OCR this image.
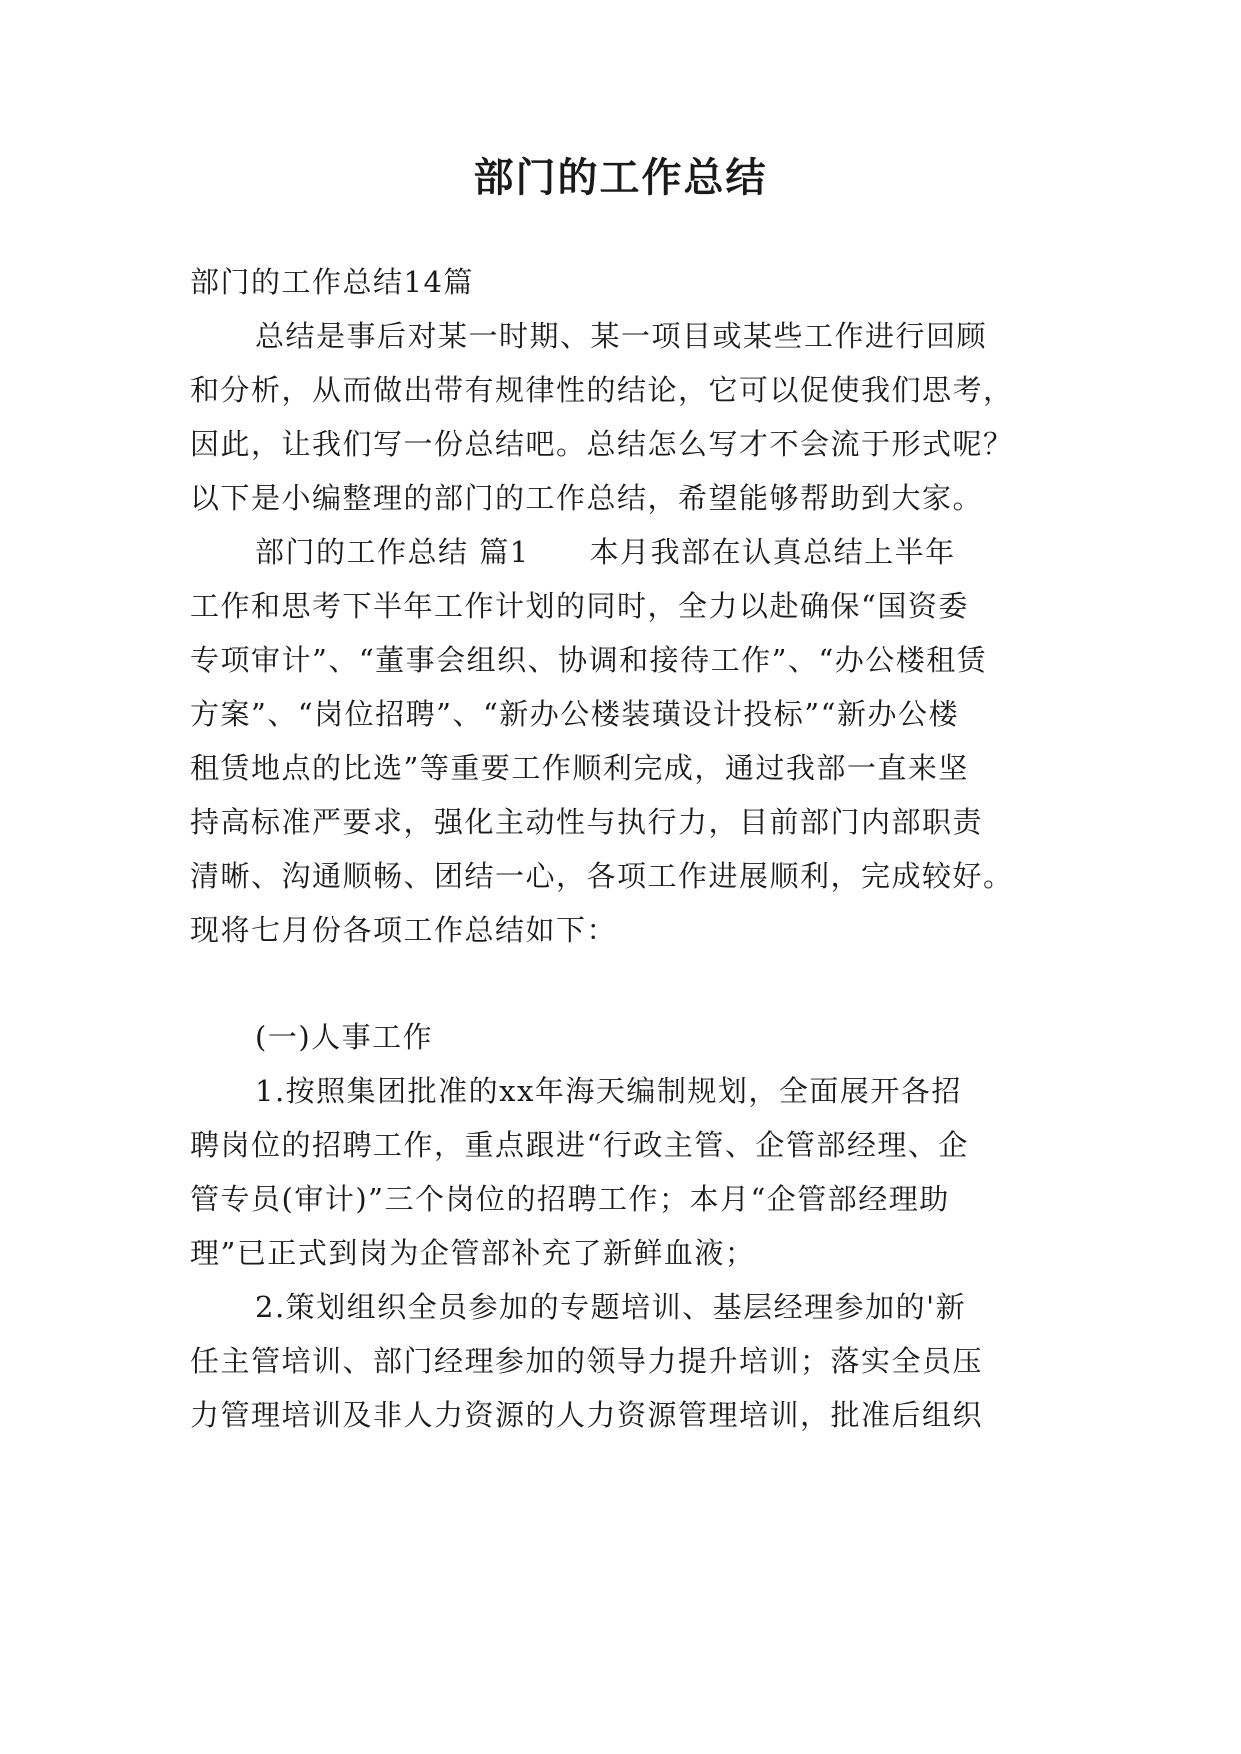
部门的工作总结
部门的工作总结14篇
总结是事后对某一时期、某一项目或某些工作进行回顾
和分析，从而做出带有规律性的结论，它可以促使我们思考，
因此，让我们写一份总结吧。总结怎么写才不会流于形式呢？
以下是小编整理的部门的工作总结，希望能够帮助到大家。
部门的工作总结 篇1 本月我部在认真总结上半年
工作和思考下半年工作计划的同时，全力以赴确保“国资委
专项审计”、“董事会组织、协调和接待工作”、“办公楼租赁
方案”、“岗位招聘”、“新办公楼装璜设计投标”“新办公楼
租赁地点的比选”等重要工作顺利完成，通过我部一直来坚
持高标准严要求，强化主动性与执行力，目前部门内部职责
清晰、沟通顺畅、团结一心，各项工作进展顺利，完成较好。
现将七月份各项工作总结如下：
(一)人事工作
1.按照集团批准的xx年海天编制规划，全面展开各招
聘岗位的招聘工作，重点跟进“行政主管、企管部经理、企
管专员(审计)”三个岗位的招聘工作；本月“企管部经理助
理”已正式到岗为企管部补充了新鲜血液；
2.策划组织全员参加的专题培训、基层经理参加的'新
任主管培训、部门经理参加的领导力提升培训；落实全员压
力管理培训及非人力资源的人力资源管理培训，批准后组织
